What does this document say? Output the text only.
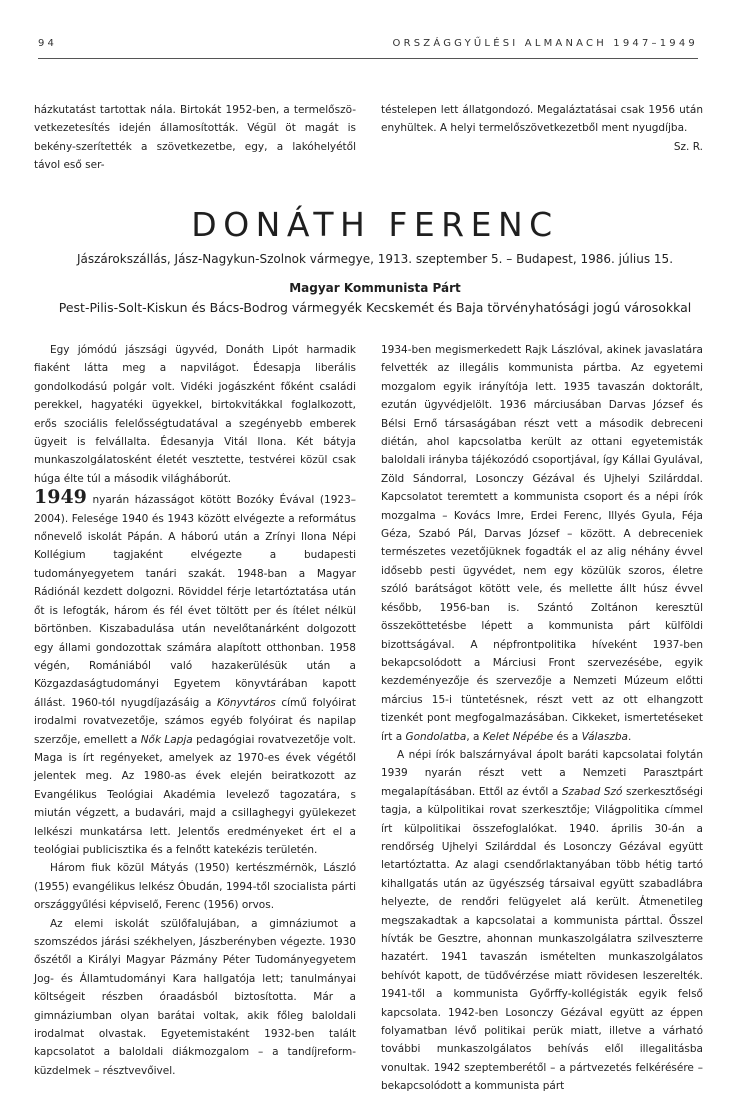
94	ORSZÁGGYŰLÉSI ALMANACH 1947–1949

házkutatást tartottak nála. Birtokát 1952-ben, a termelőszö-vetkezetesítés idején államosították. Végül öt magát is bekény-szerítették a szövetkezetbe, egy, a lakóhelyétől távol eső ser-

téstelepen lett állatgondozó. Megaláztatásai csak 1956 után enyhültek. A helyi termelőszövetkezetből ment nyugdíjba.

Sz. R.

DONÁTH FERENC
Jászárokszállás, Jász-Nagykun-Szolnok vármegye, 1913. szeptember 5. – Budapest, 1986. július 15.
Magyar Kommunista Párt
Pest-Pilis-Solt-Kiskun és Bács-Bodrog vármegyék Kecskemét és Baja törvényhatósági jogú városokkal

Egy jómódú jászsági ügyvéd, Donáth Lipót harmadik fiaként látta meg a napvilágot. Édesapja liberális gondolkodású polgár volt. Vidéki jogászként főként családi perekkel, hagyatéki ügyekkel, birtokvitákkal foglalkozott, erős szociális felelősségtudatával a szegényebb emberek ügyeit is felvállalta. Édesanyja Vitál Ilona. Két bátyja munkaszolgálatosként életét vesztette, testvérei közül csak húga élte túl a második világháborút.

1949 nyarán házasságot kötött Bozóky Évával (1923–2004). Felesége 1940 és 1943 között elvégezte a református nőnevelő iskolát Pápán. A háború után a Zrínyi Ilona Népi Kollégium tagjaként elvégezte a budapesti tudományegyetem tanári szakát. 1948-ban a Magyar Rádiónál kezdett dolgozni. Röviddel férje letartóztatása után őt is lefogták, három és fél évet töltött per és ítélet nélkül börtönben. Kiszabadulása után nevelőtanárként dolgozott egy állami gondozottak számára alapított otthonban. 1958 végén, Romániából való hazakerülésük után a Közgazdaságtudományi Egyetem könyvtárában kapott állást. 1960-tól nyugdíjazásáig a Könyvtáros című folyóirat irodalmi rovatvezetője, számos egyéb folyóirat és napilap szerzője, emellett a Nők Lapja pedagógiai rovatvezetője volt. Maga is írt regényeket, amelyek az 1970-es évek végétől jelentek meg. Az 1980-as évek elején beiratkozott az Evangélikus Teológiai Akadémia levelező tagozatára, s miután végzett, a budavári, majd a csillaghegyi gyülekezet lelkészi munkatársa lett. Jelentős eredményeket ért el a teológiai publicisztika és a felnőtt katekézis területén.

Három fiuk közül Mátyás (1950) kertészmérnök, László (1955) evangélikus lelkész Óbudán, 1994-től szocialista párti országgyűlési képviselő, Ferenc (1956) orvos.

Az elemi iskolát szülőfalujában, a gimnáziumot a szomszédos járási székhelyen, Jászberényben végezte. 1930 őszétől a Királyi Magyar Pázmány Péter Tudományegyetem Jog- és Államtudományi Kara hallgatója lett; tanulmányai költségeit részben óraadásból biztosította. Már a gimnáziumban olyan barátai voltak, akik főleg baloldali irodalmat olvastak. Egyetemistaként 1932-ben talált kapcsolatot a baloldali diákmozgalom – a tandíjreform-küzdelmek – résztvevőivel.

1934-ben megismerkedett Rajk Lászlóval, akinek javaslatára felvették az illegális kommunista pártba. Az egyetemi mozgalom egyik irányítója lett. 1935 tavaszán doktorált, ezután ügyvédjelölt. 1936 márciusában Darvas József és Bélsi Ernő társaságában részt vett a második debreceni diétán, ahol kapcsolatba került az ottani egyetemisták baloldali irányba tájékozódó csoportjával, így Kállai Gyulával, Zöld Sándorral, Losonczy Gézával és Ujhelyi Szilárddal. Kapcsolatot teremtett a kommunista csoport és a népi írók mozgalma – Kovács Imre, Erdei Ferenc, Illyés Gyula, Féja Géza, Szabó Pál, Darvas József – között. A debreceniek természetes vezetőjüknek fogadták el az alig néhány évvel idősebb pesti ügyvédet, nem egy közülük szoros, életre szóló barátságot kötött vele, és mellette állt húsz évvel később, 1956-ban is. Szántó Zoltánon keresztül összeköttetésbe lépett a kommunista párt külföldi bizottságával. A népfrontpolitika híveként 1937-ben bekapcsolódott a Márciusi Front szervezésébe, egyik kezdeményezője és szervezője a Nemzeti Múzeum előtti március 15-i tüntetésnek, részt vett az ott elhangzott tizenkét pont megfogalmazásában. Cikkeket, ismertetéseket írt a Gondolatba, a Kelet Népébe és a Válaszba.

A népi írók balszárnyával ápolt baráti kapcsolatai folytán 1939 nyarán részt vett a Nemzeti Parasztpárt megalapításában. Ettől az évtől a Szabad Szó szerkesztőségi tagja, a külpolitikai rovat szerkesztője; Világpolitika címmel írt külpolitikai összefoglalókat. 1940. április 30-án a rendőrség Ujhelyi Szilárddal és Losonczy Gézával együtt letartóztatta. Az alagi csendőrlaktanyában több hétig tartó kihallgatás után az ügyészség társaival együtt szabadlábra helyezte, de rendőri felügyelet alá került. Átmenetileg megszakadtak a kapcsolatai a kommunista párttal. Ősszel hívták be Gesztre, ahonnan munkaszolgálatra szilveszterre hazatért. 1941 tavaszán ismételten munkaszolgálatos behívót kapott, de tüdővérzése miatt rövidesen leszerelték. 1941-től a kommunista Győrffy-kollégisták egyik felső kapcsolata. 1942-ben Losonczy Gézával együtt az éppen folyamatban lévő politikai perük miatt, illetve a várható további munkaszolgálatos behívás elől illegalitásba vonultak. 1942 szeptemberétől – a pártvezetés felkérésére – bekapcsolódott a kommunista párt
